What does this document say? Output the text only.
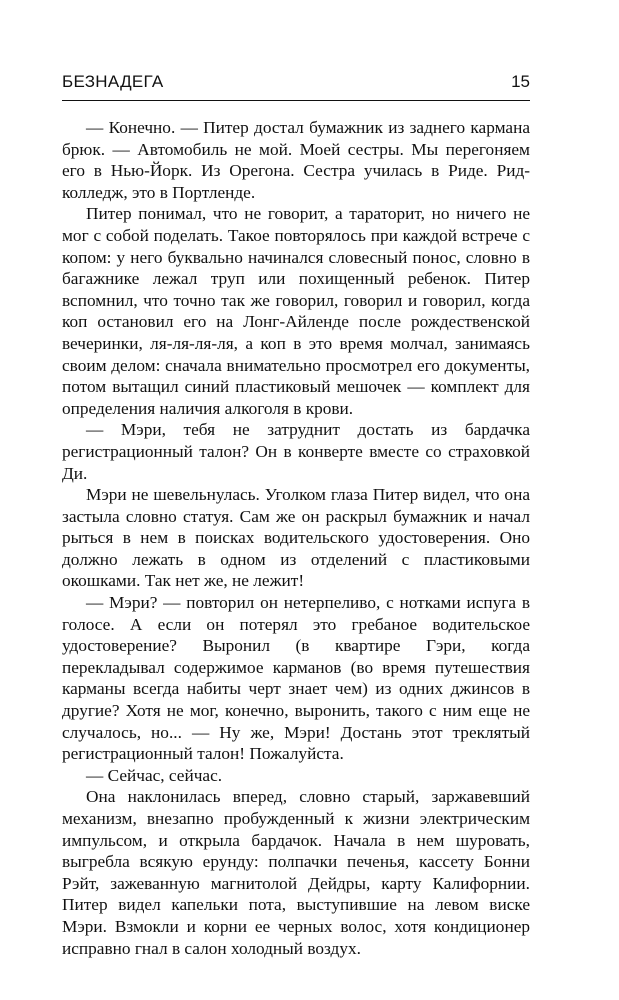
БЕЗНАДЕГА	15

— Конечно. — Питер достал бумажник из заднего кармана брюк. — Автомобиль не мой. Моей сестры. Мы перегоняем его в Нью-Йорк. Из Орегона. Сестра училась в Риде. Рид-колледж, это в Портленде.

Питер понимал, что не говорит, а тараторит, но ничего не мог с собой поделать. Такое повторялось при каждой встрече с копом: у него буквально начинался словесный понос, словно в багажнике лежал труп или похищенный ребенок. Питер вспомнил, что точно так же говорил, говорил и говорил, когда коп остановил его на Лонг-Айленде после рождественской вечеринки, ля-ля-ля-ля, а коп в это время молчал, занимаясь своим делом: сначала внимательно просмотрел его документы, потом вытащил синий пластиковый мешочек — комплект для определения наличия алкоголя в крови.

— Мэри, тебя не затруднит достать из бардачка регистрационный талон? Он в конверте вместе со страховкой Ди.

Мэри не шевельнулась. Уголком глаза Питер видел, что она застыла словно статуя. Сам же он раскрыл бумажник и начал рыться в нем в поисках водительского удостоверения. Оно должно лежать в одном из отделений с пластиковыми окошками. Так нет же, не лежит!

— Мэри? — повторил он нетерпеливо, с нотками испуга в голосе. А если он потерял это гребаное водительское удостоверение? Выронил (в квартире Гэри, когда перекладывал содержимое карманов (во время путешествия карманы всегда набиты черт знает чем) из одних джинсов в другие? Хотя не мог, конечно, выронить, такого с ним еще не случалось, но... — Ну же, Мэри! Достань этот треклятый регистрационный талон! Пожалуйста.

— Сейчас, сейчас.

Она наклонилась вперед, словно старый, заржавевший механизм, внезапно пробужденный к жизни электрическим импульсом, и открыла бардачок. Начала в нем шуровать, выгребла всякую ерунду: полпачки печенья, кассету Бонни Рэйт, зажеванную магнитолой Дейдры, карту Калифорнии. Питер видел капельки пота, выступившие на левом виске Мэри. Взмокли и корни ее черных волос, хотя кондиционер исправно гнал в салон холодный воздух.
